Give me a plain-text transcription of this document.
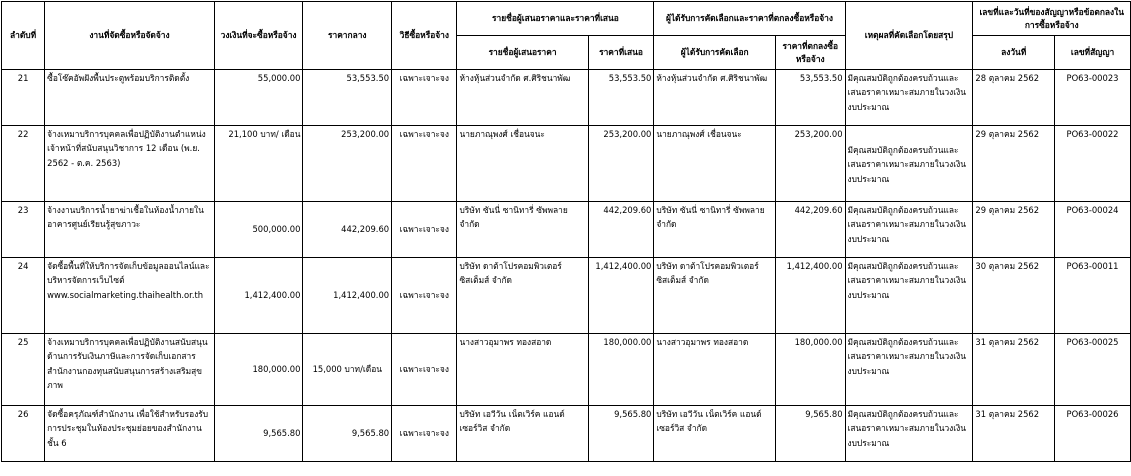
ลำดับที่	งานที่จัดซื้อหรือจัดจ้าง	วงเงินที่จะซื้อหรือจ้าง	ราคากลาง	วิธีซื้อหรือจ้าง	รายชื่อผู้เสนอราคาและราคาที่เสนอ		ผู้ได้รับการคัดเลือกและราคาที่ตกลงซื้อหรือจ้าง		เหตุผลที่คัดเลือกโดยสรุป	เลขที่และวันที่ของสัญญาหรือข้อตกลงในการซื้อหรือจ้าง	
					รายชื่อผู้เสนอราคา	ราคาที่เสนอ	ผู้ได้รับการคัดเลือก	ราคาที่ตกลงซื้อหรือจ้าง		ลงวันที่	เลขที่สัญญา
21	ซื้อโซ๊คอัพฝังพื้นประตูพร้อมบริการติดตั้ง	55,000.00	53,553.50	เฉพาะเจาะจง	ห้างหุ้นส่วนจำกัด ศ.ศิริชนาพัฒ	53,553.50	ห้างหุ้นส่วนจำกัด ศ.ศิริชนาพัฒ	53,553.50	มีคุณสมบัติถูกต้องครบถ้วนและเสนอราคาเหมาะสมภายในวงเงินงบประมาณ	28 ตุลาคม 2562	PO63-00023
22	จ้างเหมาบริการบุคคลเพื่อปฏิบัติงานตำแหน่งเจ้าหน้าที่สนับสนุนวิชาการ 12 เดือน (พ.ย. 2562 - ต.ค. 2563)	21,100 บาท/ เดือน	253,200.00	เฉพาะเจาะจง	นายภาณุพงศ์ เชื่อนจนะ	253,200.00	นายภาณุพงศ์ เชื่อนจนะ	253,200.00	มีคุณสมบัติถูกต้องครบถ้วนและเสนอราคาเหมาะสมภายในวงเงินงบประมาณ	29 ตุลาคม 2562	PO63-00022
23	จ้างงานบริการน้ำยาฆ่าเชื้อในห้องน้ำภายในอาคารศูนย์เรียนรู้สุขภาวะ	500,000.00	442,209.60	เฉพาะเจาะจง	บริษัท ซันนี่ ซานิทารี่ ซัพพลาย จำกัด	442,209.60	บริษัท ซันนี่ ซานิทารี่ ซัพพลาย จำกัด	442,209.60	มีคุณสมบัติถูกต้องครบถ้วนและเสนอราคาเหมาะสมภายในวงเงินงบประมาณ	29 ตุลาคม 2562	PO63-00024
24	จัดซื้อพื้นที่ให้บริการจัดเก็บข้อมูลออนไลน์และบริหารจัดการเว็บไซต์ www.socialmarketing.thaihealth.or.th	1,412,400.00	1,412,400.00	เฉพาะเจาะจง	บริษัท ดาต้าโปรคอมพิวเตอร์ซิสเต็มส์ จำกัด	1,412,400.00	บริษัท ดาต้าโปรคอมพิวเตอร์ซิสเต็มส์ จำกัด	1,412,400.00	มีคุณสมบัติถูกต้องครบถ้วนและเสนอราคาเหมาะสมภายในวงเงินงบประมาณ	30 ตุลาคม 2562	PO63-00011
25	จ้างเหมาบริการบุคคลเพื่อปฏิบัติงานสนับสนุนด้านการรับเงินภาษีและการจัดเก็บเอกสารสำนักงานกองทุนสนับสนุนการสร้างเสริมสุขภาพ	180,000.00	15,000 บาท/เดือน	เฉพาะเจาะจง	นางสาวอุมาพร ทองสอาด	180,000.00	นางสาวอุมาพร ทองสอาด	180,000.00	มีคุณสมบัติถูกต้องครบถ้วนและเสนอราคาเหมาะสมภายในวงเงินงบประมาณ	31 ตุลาคม 2562	PO63-00025
26	จัดซื้อครุภัณฑ์สำนักงาน เพื่อใช้สำหรับรองรับการประชุมในห้องประชุมย่อยของสำนักงานชั้น 6	9,565.80	9,565.80	เฉพาะเจาะจง	บริษัท เอวีวัน เน็ตเวิร์ค แอนด์ เซอร์วิส จำกัด	9,565.80	บริษัท เอวีวัน เน็ตเวิร์ค แอนด์ เซอร์วิส จำกัด	9,565.80	มีคุณสมบัติถูกต้องครบถ้วนและเสนอราคาเหมาะสมภายในวงเงินงบประมาณ	31 ตุลาคม 2562	PO63-00026
